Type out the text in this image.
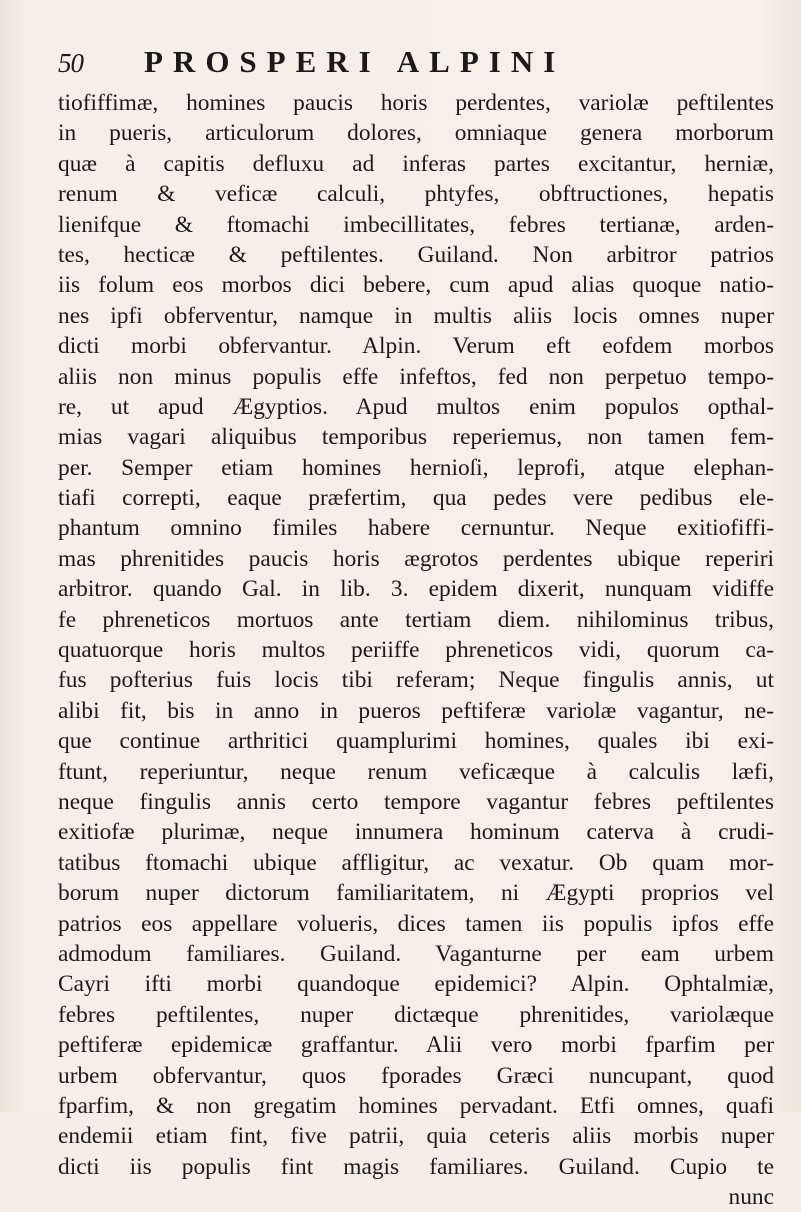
50 PROSPERI ALPINI
tiofiffimæ, homines paucis horis perdentes, variolæ peftilentes
in pueris, articulorum dolores, omniaque genera morborum
quæ à capitis defluxu ad inferas partes excitantur, herniæ,
renum & veficæ calculi, phtyfes, obftructiones, hepatis
lienifque & ftomachi imbecillitates, febres tertianæ, arden-
tes, hecticæ & peftilentes. Guiland. Non arbitror patrios
iis folum eos morbos dici bebere, cum apud alias quoque natio-
nes ipfi obferventur, namque in multis aliis locis omnes nuper
dicti morbi obfervantur. Alpin. Verum eft eofdem morbos
aliis non minus populis effe infeftos, fed non perpetuo tempo-
re, ut apud Ægyptios. Apud multos enim populos opthal-
mias vagari aliquibus temporibus reperiemus, non tamen fem-
per. Semper etiam homines hernioſi, leprofi, atque elephan-
tiafi correpti, eaque præfertim, qua pedes vere pedibus ele-
phantum omnino fimiles habere cernuntur. Neque exitiofiffi-
mas phrenitides paucis horis ægrotos perdentes ubique reperiri
arbitror. quando Gal. in lib. 3. epidem dixerit, nunquam vidiffe
fe phreneticos mortuos ante tertiam diem. nihilominus tribus,
quatuorque horis multos periiffe phreneticos vidi, quorum ca-
fus pofterius fuis locis tibi referam; Neque fingulis annis, ut
alibi fit, bis in anno in pueros peftiferæ variolæ vagantur, ne-
que continue arthritici quamplurimi homines, quales ibi exi-
ftunt, reperiuntur, neque renum veficæque à calculis læfi,
neque fingulis annis certo tempore vagantur febres peftilentes
exitiofæ plurimæ, neque innumera hominum caterva à crudi-
tatibus ftomachi ubique affligitur, ac vexatur. Ob quam mor-
borum nuper dictorum familiaritatem, ni Ægypti proprios vel
patrios eos appellare volueris, dices tamen iis populis ipfos effe
admodum familiares. Guiland. Vaganturne per eam urbem
Cayri ifti morbi quandoque epidemici? Alpin. Ophtalmiæ,
febres peftilentes, nuper dictæque phrenitides, variolæque
peftiferæ epidemicæ graffantur. Alii vero morbi fparfim per
urbem obfervantur, quos fporades Græci nuncupant, quod
fparfim, & non gregatim homines pervadant. Etfi omnes, quafi
endemii etiam fint, five patrii, quia ceteris aliis morbis nuper
dicti iis populis fint magis familiares. Guiland. Cupio te
nunc
